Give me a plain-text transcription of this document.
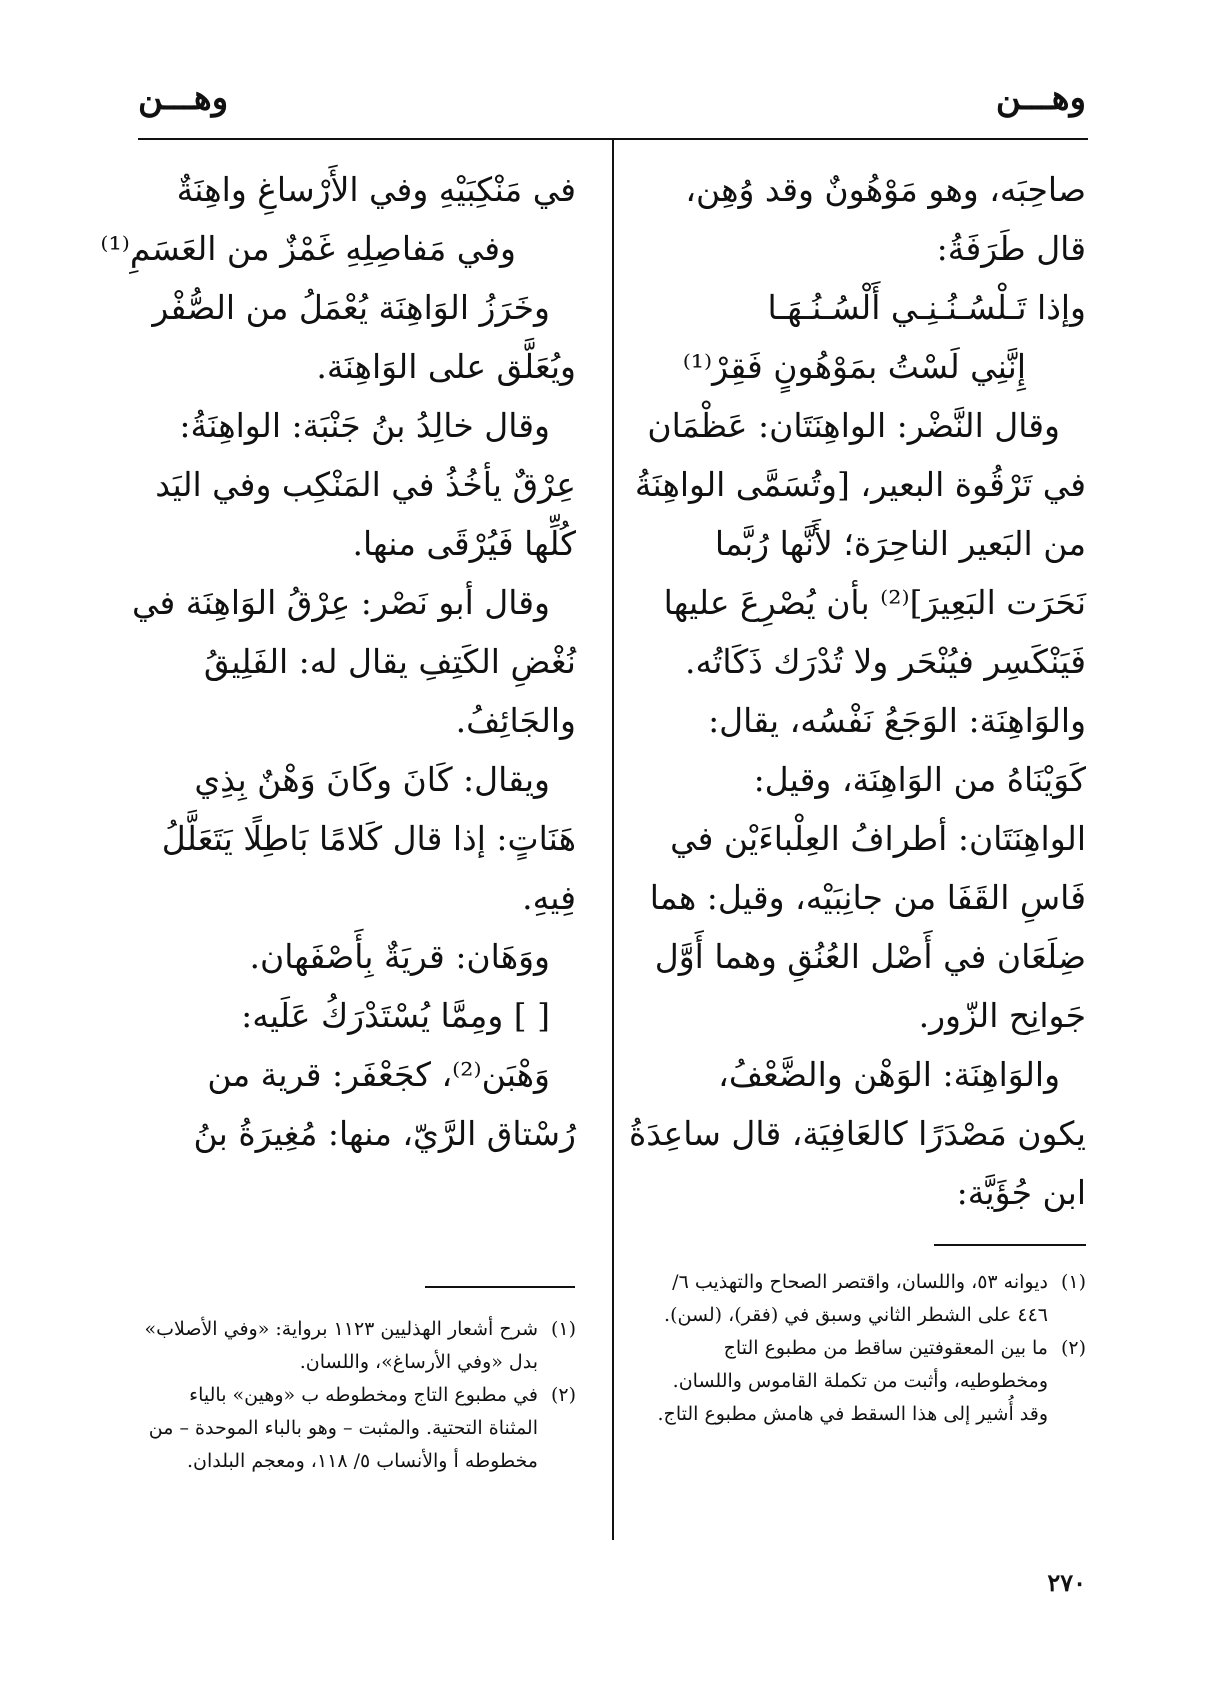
وهـــن
وهـــن
صاحِبَه، وهو مَوْهُونٌ وقد وُهِن،
قال طَرَفَةُ:
وإذا تَـلْسُـنُـنِـي أَلْسُـنُـهَـا
إِنَّنِي لَسْتُ بمَوْهُونٍ فَقِرْ⁽¹⁾
وقال النَّضْر: الواهِنَتَان: عَظْمَان
في تَرْقُوة البعير، [وتُسَمَّى الواهِنَةُ
من البَعير الناحِرَة؛ لأَنَّها رُبَّما
نَحَرَت البَعِيرَ]⁽²⁾ بأن يُصْرِعَ عليها
فَيَنْكَسِر فيُنْحَر ولا تُدْرَك ذَكَاتُه.
والوَاهِنَة: الوَجَعُ نَفْسُه، يقال:
كَوَيْنَاهُ من الوَاهِنَة، وقيل:
الواهِنَتَان: أطرافُ العِلْباءَيْن في
فَاسِ القَفَا من جانِبَيْه، وقيل: هما
ضِلَعَان في أَصْل العُنُقِ وهما أَوَّل
جَوانِح الزّور.
والوَاهِنَة: الوَهْن والضَّعْفُ،
يكون مَصْدَرًا كالعَافِيَة، قال ساعِدَةُ
ابن جُؤَيَّة:
في مَنْكِبَيْهِ وفي الأَرْساغِ واهِنَةٌ
وفي مَفاصِلِهِ غَمْزٌ من العَسَمِ⁽¹⁾
وخَرَزُ الوَاهِنَة يُعْمَلُ من الصُّفْر
ويُعَلَّق على الوَاهِنَة.
وقال خالِدُ بنُ جَنْبَة: الواهِنَةُ:
عِرْقٌ يأخُذُ في المَنْكِب وفي اليَد
كُلِّها فَيُرْقَى منها.
وقال أبو نَصْر: عِرْقُ الوَاهِنَة في
نُغْضِ الكَتِفِ يقال له: الفَلِيقُ
والجَائِفُ.
ويقال: كَانَ وكَانَ وَهْنٌ بِذِي
هَنَاتٍ: إذا قال كَلامًا بَاطِلًا يَتَعَلَّلُ
فِيهِ.
ووَهَان: قريَةٌ بِأَصْفَهان.
[ ] ومِمَّا يُسْتَدْرَكُ عَلَيه:
وَهْبَن⁽²⁾، كجَعْفَر: قرية من
رُسْتاق الرَّيّ، منها: مُغِيرَةُ بنُ

(١)ديوانه ٥٣، واللسان، واقتصر الصحاح والتهذيب ٦/ ٤٤٦ على الشطر الثاني وسبق في (فقر)، (لسن).

(٢)ما بين المعقوفتين ساقط من مطبوع التاج ومخطوطيه، وأثبت من تكملة القاموس واللسان. وقد أُشير إلى هذا السقط في هامش مطبوع التاج.

(١)شرح أشعار الهذليين ١١٢٣ برواية: «وفي الأصلاب» بدل «وفي الأرساغ»، واللسان.

(٢)في مطبوع التاج ومخطوطه ب «وهين» بالياء المثناة التحتية. والمثبت – وهو بالباء الموحدة – من مخطوطه أ والأنساب ٥/ ١١٨، ومعجم البلدان.

٢٧٠
